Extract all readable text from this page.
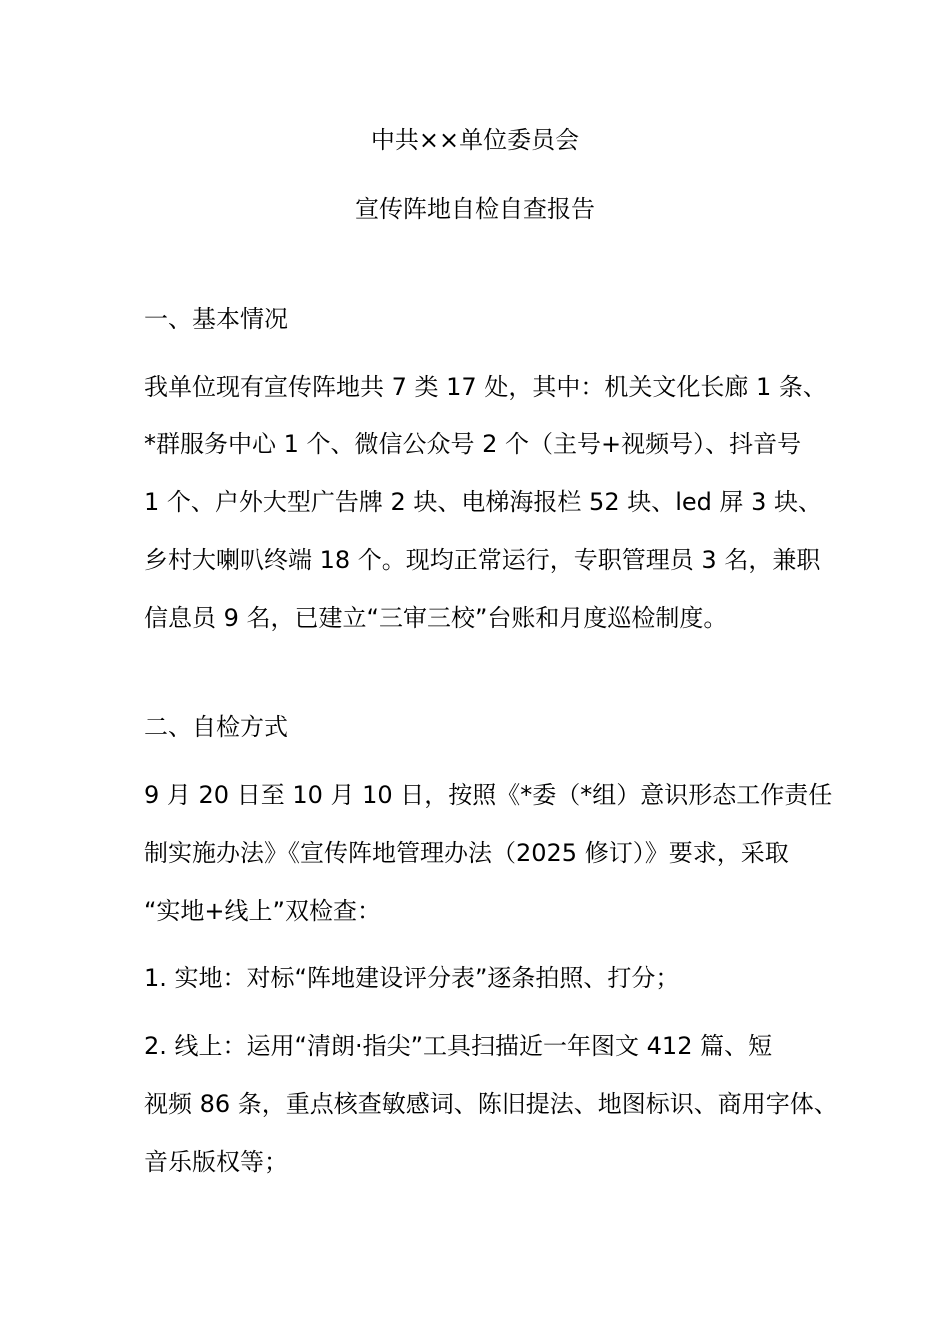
中共××单位委员会
宣传阵地自检自查报告
一、基本情况
我单位现有宣传阵地共 7 类 17 处，其中：机关文化长廊 1 条、
*群服务中心 1 个、微信公众号 2 个（主号+视频号）、抖音号
1 个、户外大型广告牌 2 块、电梯海报栏 52 块、led 屏 3 块、
乡村大喇叭终端 18 个。现均正常运行，专职管理员 3 名，兼职
信息员 9 名，已建立“三审三校”台账和月度巡检制度。
二、自检方式
9 月 20 日至 10 月 10 日，按照《*委（*组）意识形态工作责任
制实施办法》《宣传阵地管理办法（2025 修订）》要求，采取
“实地+线上”双检查：
1. 实地：对标“阵地建设评分表”逐条拍照、打分；
2. 线上：运用“清朗·指尖”工具扫描近一年图文 412 篇、短
视频 86 条，重点核查敏感词、陈旧提法、地图标识、商用字体、
音乐版权等；
